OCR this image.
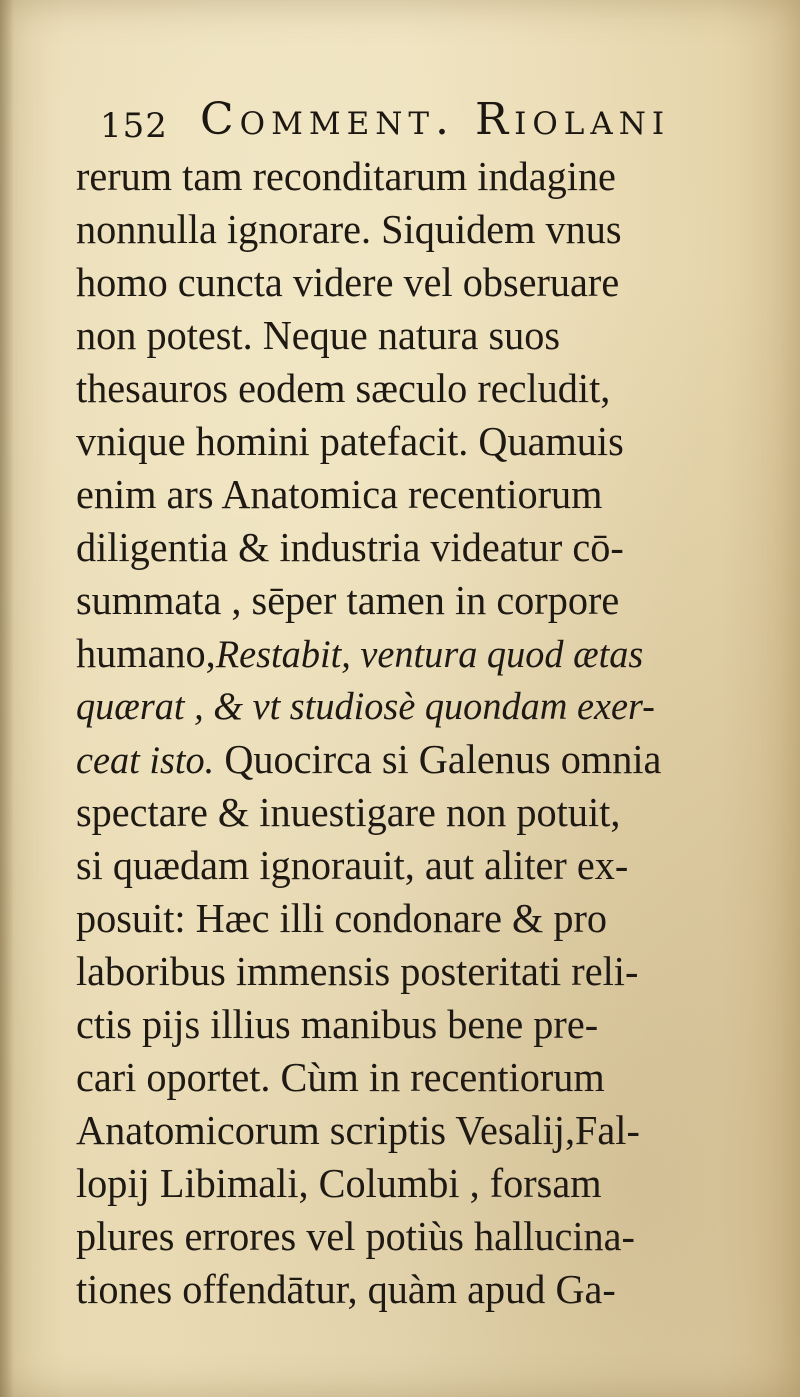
152 Comment. Riolani
rerum tam reconditarum indagine
nonnulla ignorare. Siquidem vnus
homo cuncta videre vel obseruare
non potest. Neque natura suos
thesauros eodem sæculo recludit,
vnique homini patefacit. Quamuis
enim ars Anatomica recentiorum
diligentia & industria videatur cō-
summata , sēper tamen in corpore
humano,Restabit, ventura quod ætas
quærat , & vt studiosè quondam exer-
ceat isto. Quocirca si Galenus omnia
spectare & inuestigare non potuit,
si quædam ignorauit, aut aliter ex-
posuit: Hæc illi condonare & pro
laboribus immensis posteritati reli-
ctis pijs illius manibus bene pre-
cari oportet. Cùm in recentiorum
Anatomicorum scriptis Vesalij,Fal-
lopij Libimali, Columbi , forsam
plures errores vel potiùs hallucina-
tiones offendātur, quàm apud Ga-
